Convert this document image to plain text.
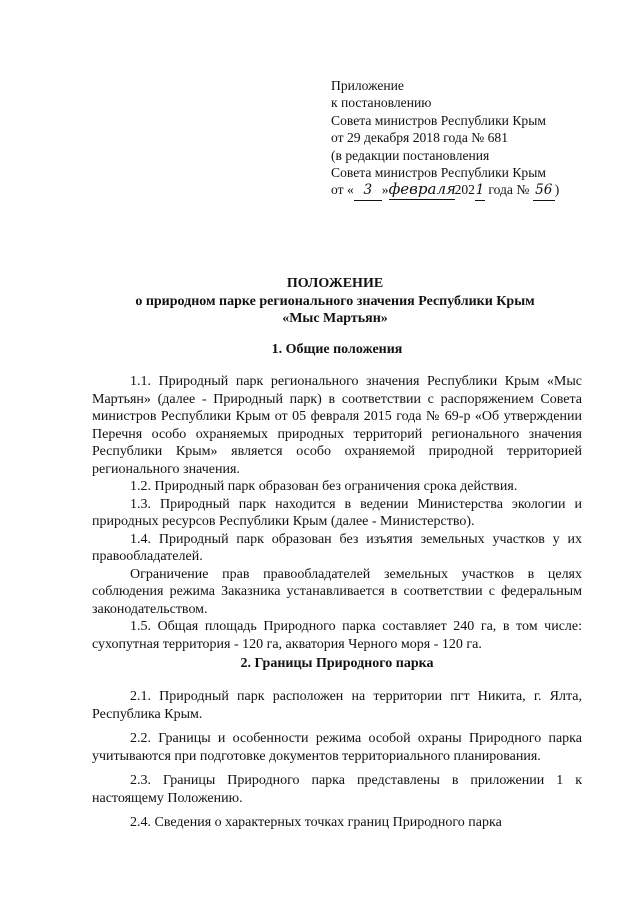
Приложение
к постановлению
Совета министров Республики Крым
от 29 декабря 2018 года № 681
(в редакции постановления
Совета министров Республики Крым
от « 3 »февраля2021 года № 56 )
ПОЛОЖЕНИЕ
о природном парке регионального значения Республики Крым
«Мыс Мартьян»
1. Общие положения

1.1. Природный парк регионального значения Республики Крым «Мыс Мартьян» (далее - Природный парк) в соответствии с распоряжением Совета министров Республики Крым от 05 февраля 2015 года № 69-р «Об утверждении Перечня особо охраняемых природных территорий регионального значения Республики Крым» является особо охраняемой природной территорией регионального значения.

1.2. Природный парк образован без ограничения срока действия.

1.3. Природный парк находится в ведении Министерства экологии и природных ресурсов Республики Крым (далее - Министерство).

1.4. Природный парк образован без изъятия земельных участков у их правообладателей.

Ограничение прав правообладателей земельных участков в целях соблюдения режима Заказника устанавливается в соответствии с федеральным законодательством.

1.5. Общая площадь Природного парка составляет 240 га, в том числе: сухопутная территория - 120 га, акватория Черного моря - 120 га.

2. Границы Природного парка

2.1. Природный парк расположен на территории пгт Никита, г. Ялта, Республика Крым.

2.2. Границы и особенности режима особой охраны Природного парка учитываются при подготовке документов территориального планирования.

2.3. Границы Природного парка представлены в приложении 1 к настоящему Положению.

2.4. Сведения о характерных точках границ Природного парка
